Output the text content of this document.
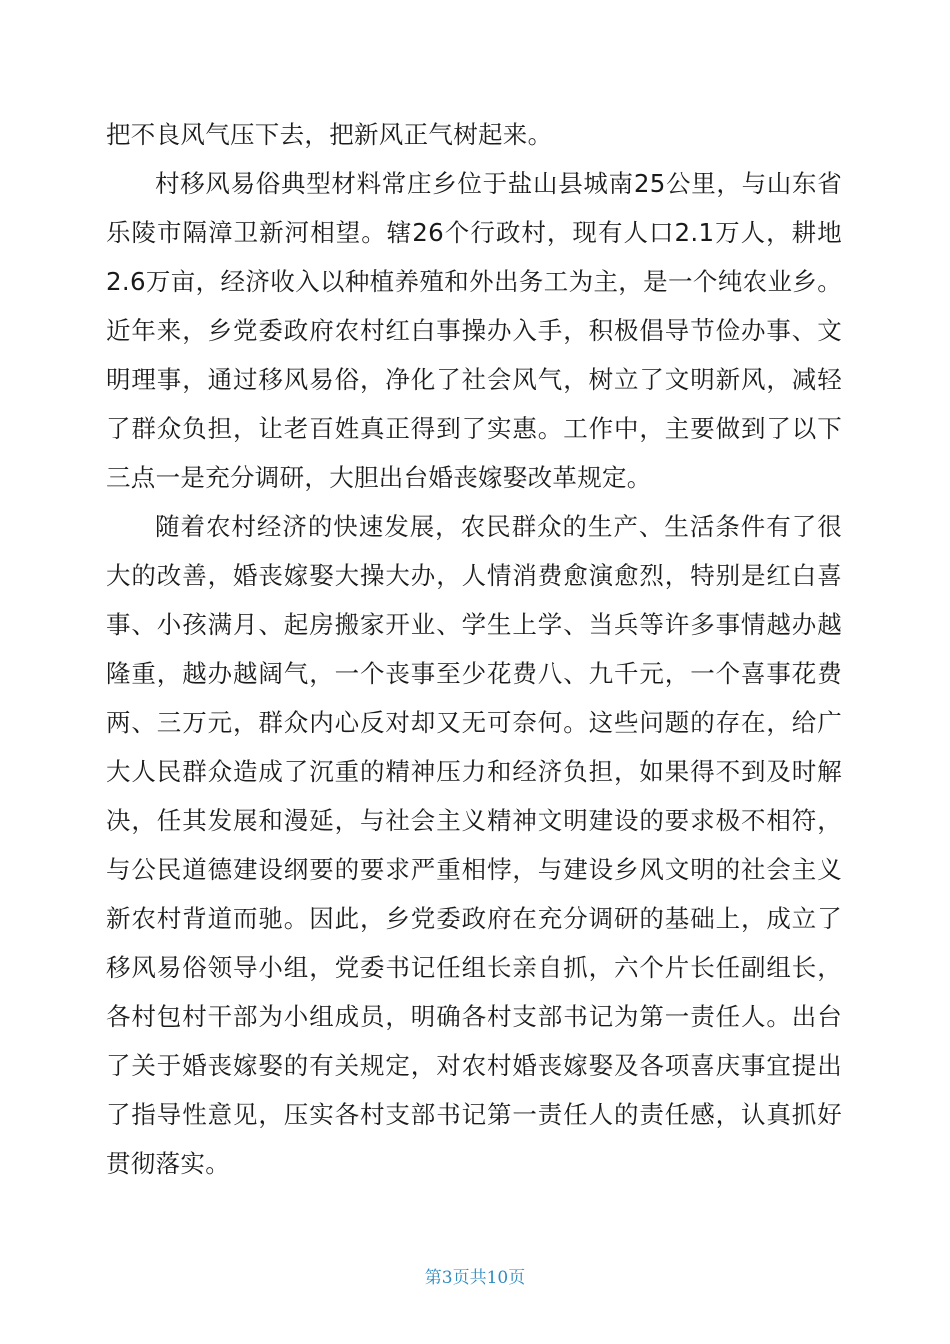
把不良风气压下去，把新风正气树起来。

村移风易俗典型材料常庄乡位于盐山县城南25公里，与山东省乐陵市隔漳卫新河相望。辖26个行政村，现有人口2.1万人，耕地2.6万亩，经济收入以种植养殖和外出务工为主，是一个纯农业乡。近年来，乡党委政府农村红白事操办入手，积极倡导节俭办事、文明理事，通过移风易俗，净化了社会风气，树立了文明新风，减轻了群众负担，让老百姓真正得到了实惠。工作中，主要做到了以下三点一是充分调研，大胆出台婚丧嫁娶改革规定。

随着农村经济的快速发展，农民群众的生产、生活条件有了很大的改善，婚丧嫁娶大操大办，人情消费愈演愈烈，特别是红白喜事、小孩满月、起房搬家开业、学生上学、当兵等许多事情越办越隆重，越办越阔气，一个丧事至少花费八、九千元，一个喜事花费两、三万元，群众内心反对却又无可奈何。这些问题的存在，给广大人民群众造成了沉重的精神压力和经济负担，如果得不到及时解决，任其发展和漫延，与社会主义精神文明建设的要求极不相符，与公民道德建设纲要的要求严重相悖，与建设乡风文明的社会主义新农村背道而驰。因此，乡党委政府在充分调研的基础上，成立了移风易俗领导小组，党委书记任组长亲自抓，六个片长任副组长，各村包村干部为小组成员，明确各村支部书记为第一责任人。出台了关于婚丧嫁娶的有关规定，对农村婚丧嫁娶及各项喜庆事宜提出了指导性意见，压实各村支部书记第一责任人的责任感，认真抓好贯彻落实。

第3页共10页
